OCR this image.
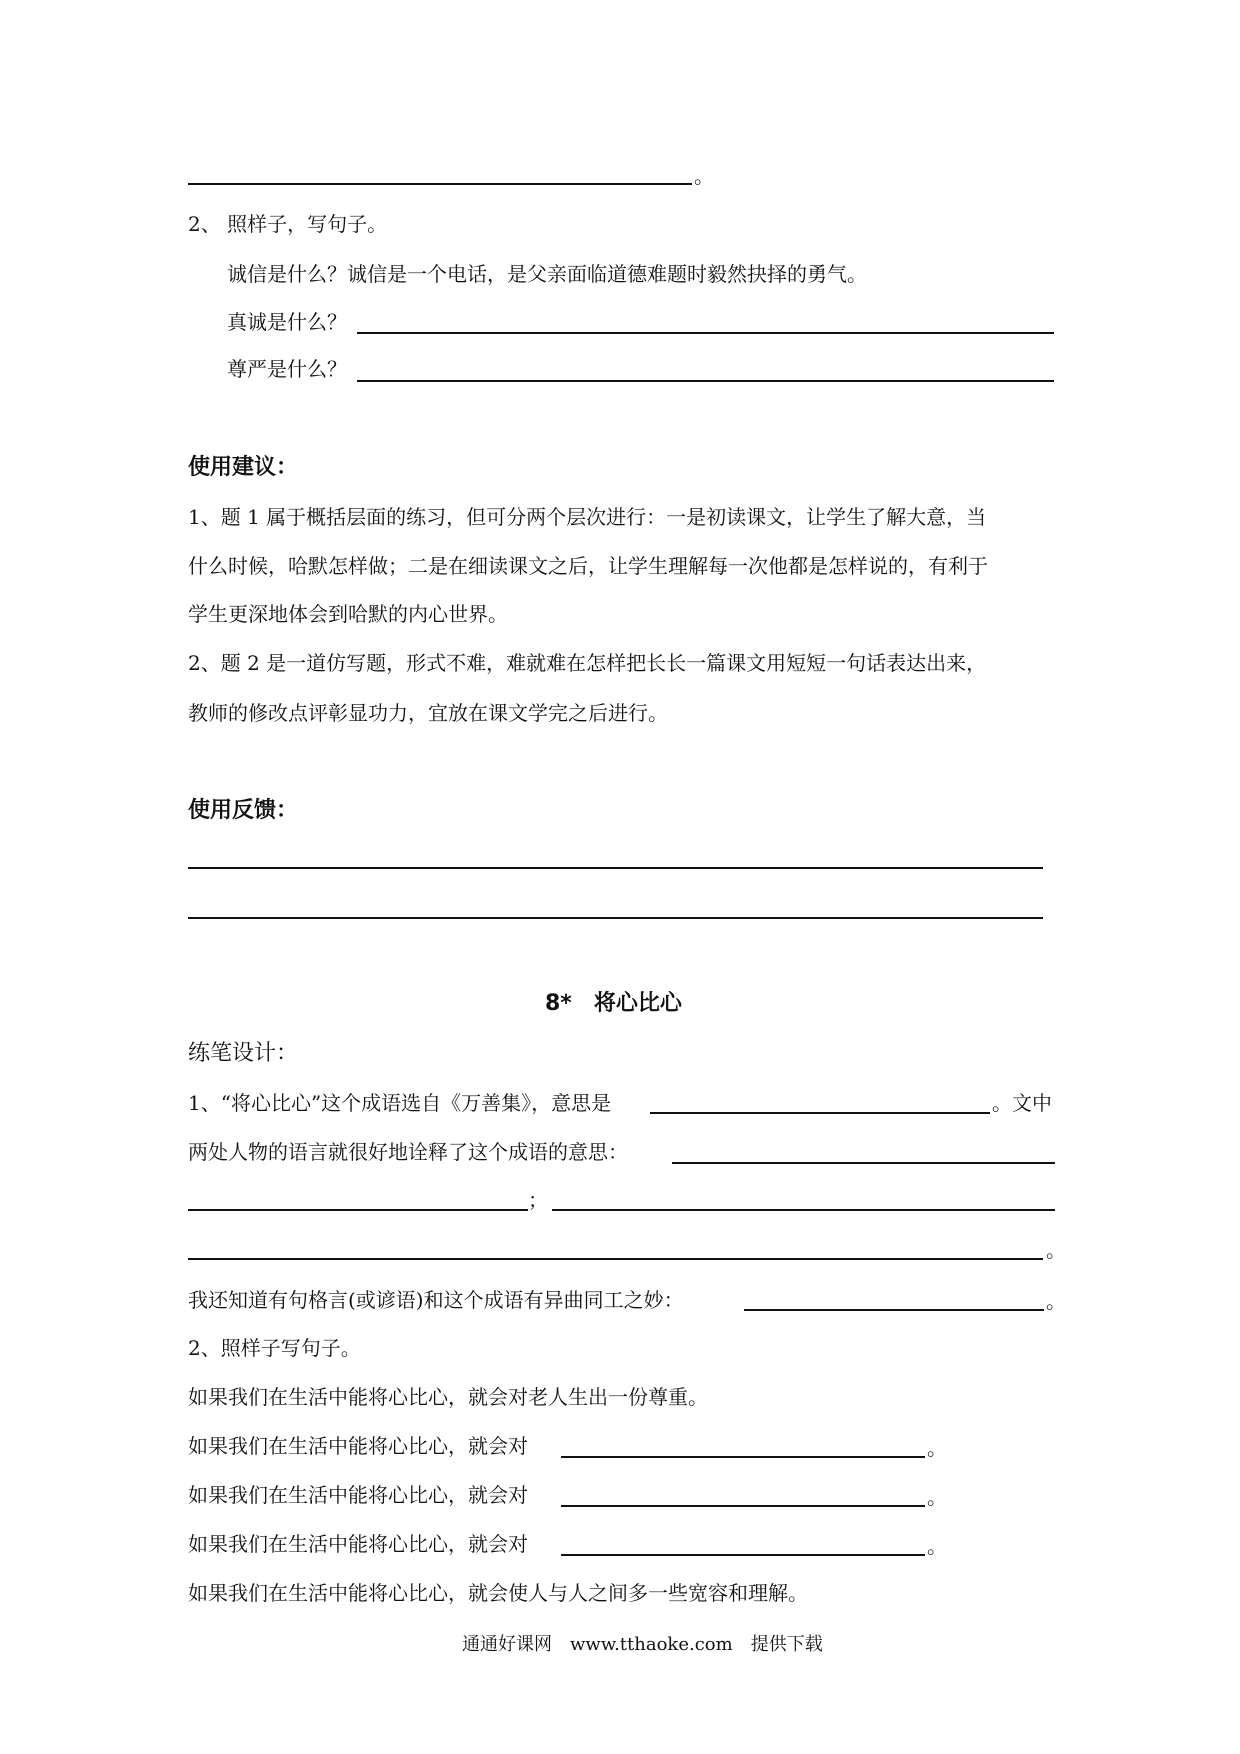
。
2、 照样子，写句子。
诚信是什么？诚信是一个电话，是父亲面临道德难题时毅然抉择的勇气。
真诚是什么？
尊严是什么？
使用建议：
1、题 1 属于概括层面的练习，但可分两个层次进行：一是初读课文，让学生了解大意，当
什么时候，哈默怎样做；二是在细读课文之后，让学生理解每一次他都是怎样说的，有利于
学生更深地体会到哈默的内心世界。
2、题 2 是一道仿写题，形式不难，难就难在怎样把长长一篇课文用短短一句话表达出来，
教师的修改点评彰显功力，宜放在课文学完之后进行。
使用反馈：
8*　将心比心
练笔设计：
1、“将心比心”这个成语选自《万善集》，意思是	。文中
两处人物的语言就很好地诠释了这个成语的意思：
；
。
我还知道有句格言(或谚语)和这个成语有异曲同工之妙：	。
2、照样子写句子。
如果我们在生活中能将心比心，就会对老人生出一份尊重。
如果我们在生活中能将心比心，就会对	。
如果我们在生活中能将心比心，就会对	。
如果我们在生活中能将心比心，就会对	。
如果我们在生活中能将心比心，就会使人与人之间多一些宽容和理解。
通通好课网　www.tthaoke.com　提供下载
